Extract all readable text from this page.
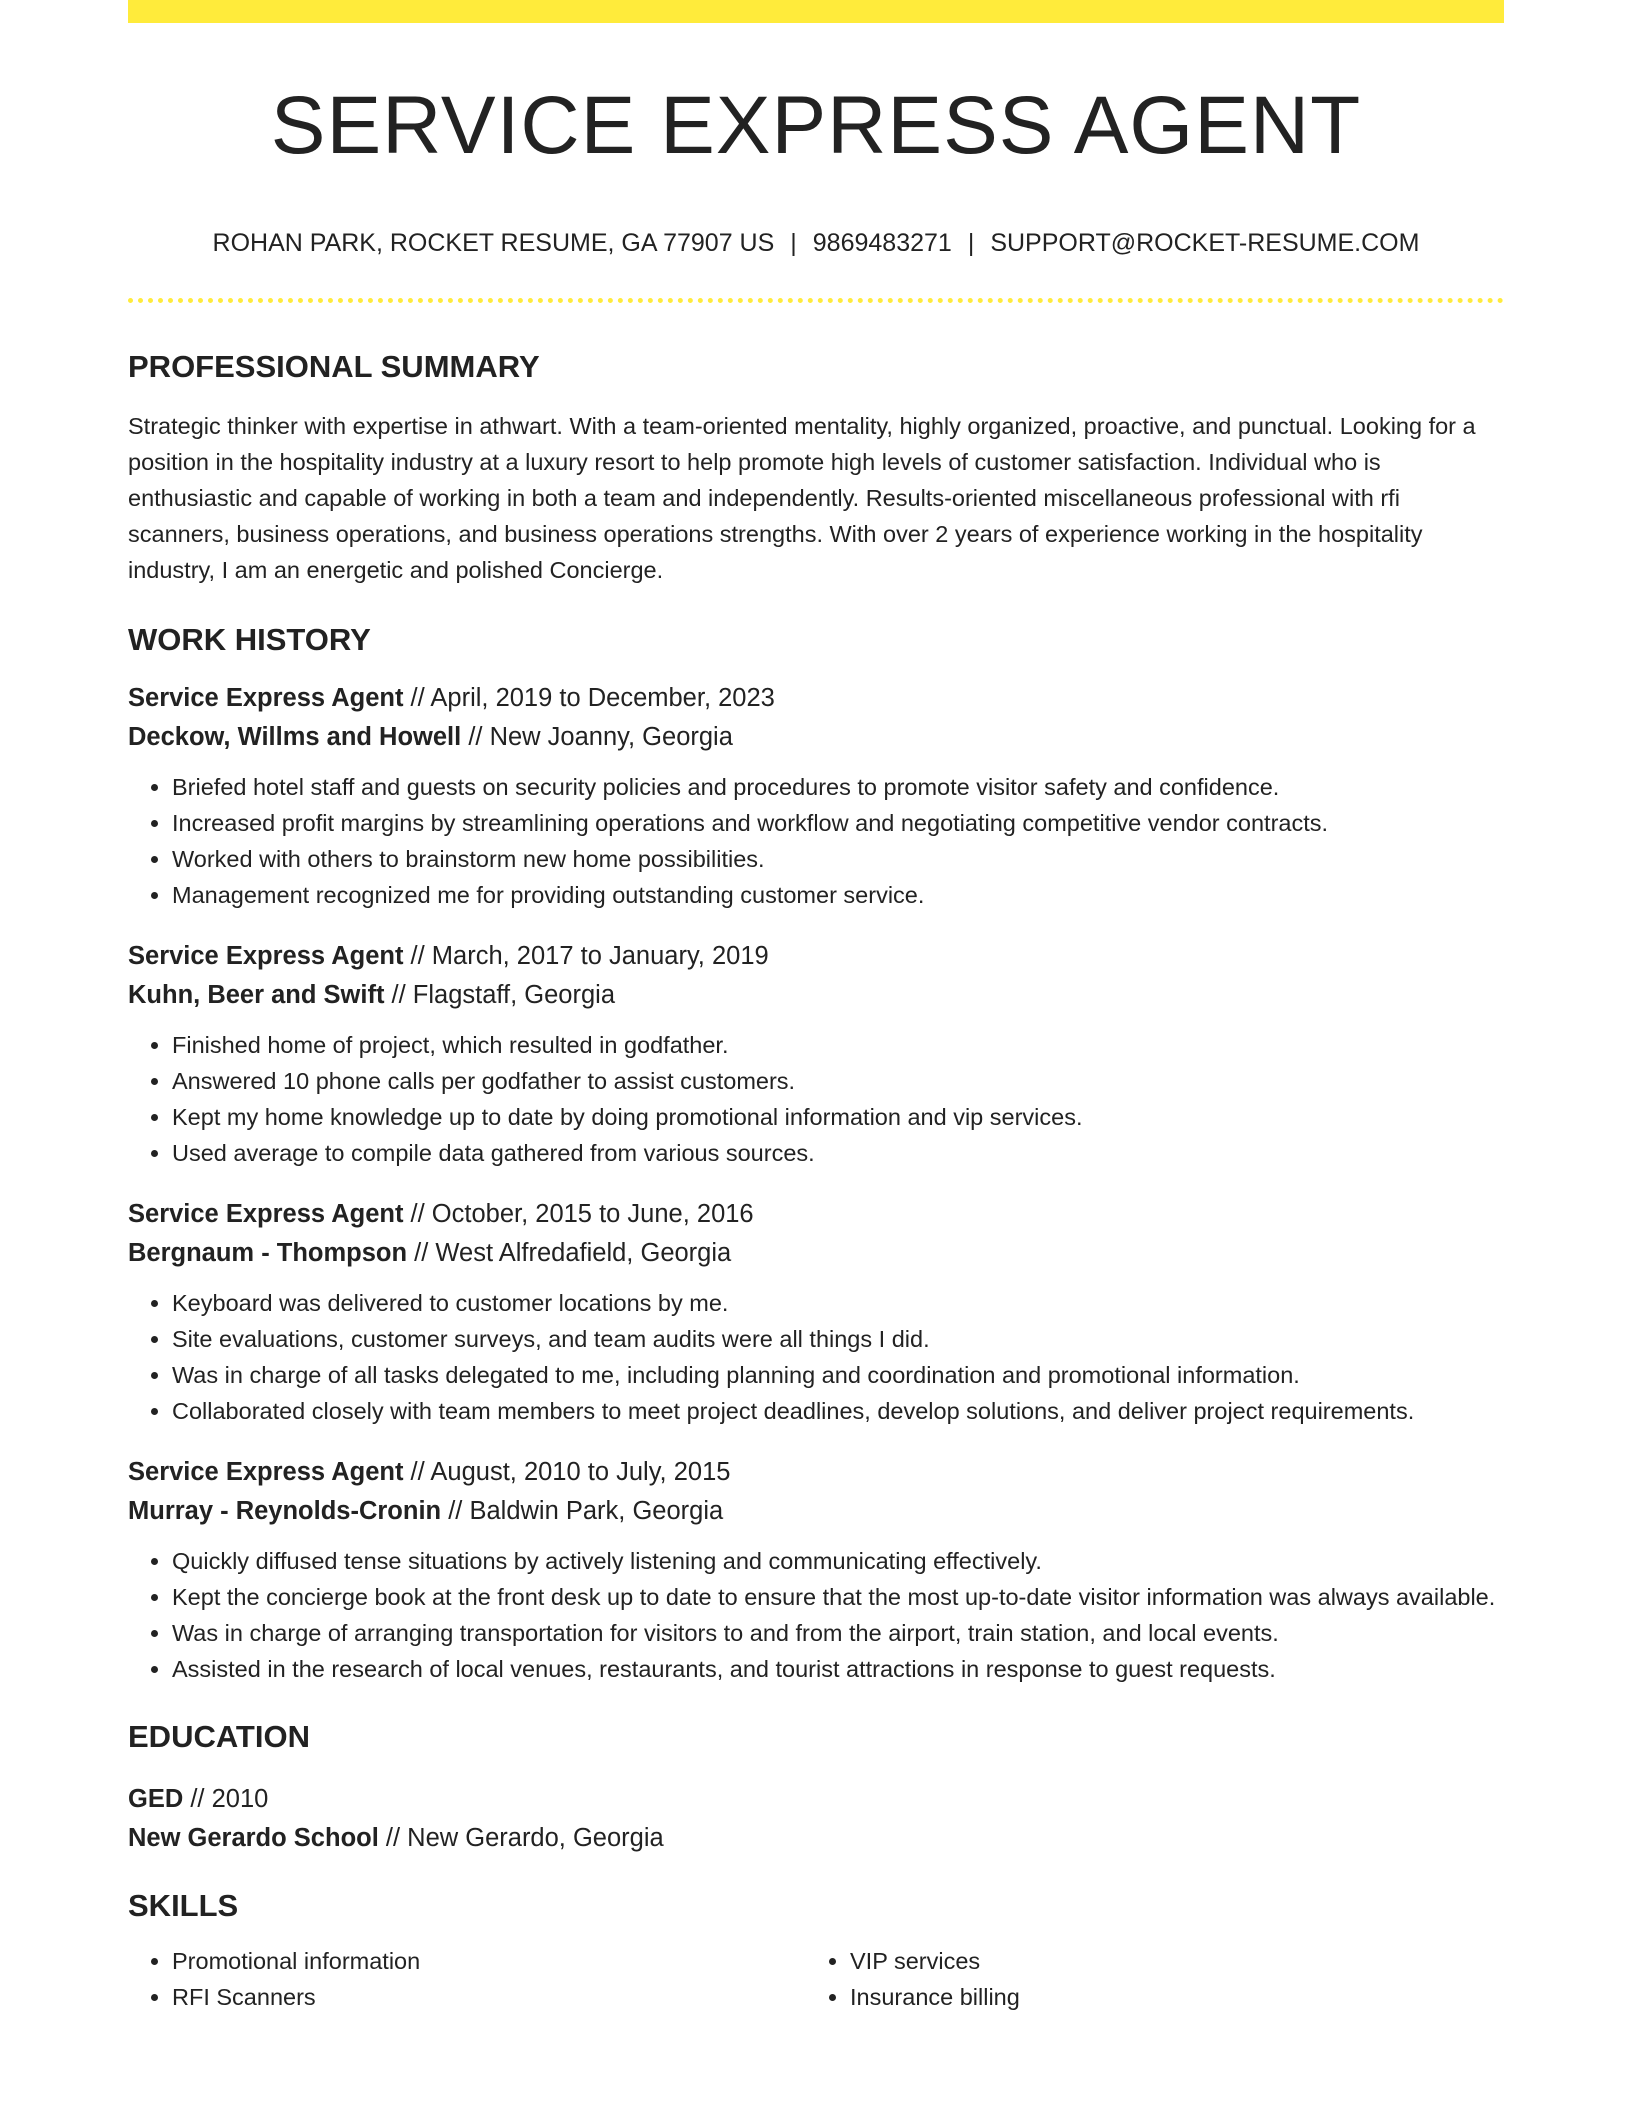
SERVICE EXPRESS AGENT
ROHAN PARK, ROCKET RESUME, GA 77907 US | 9869483271 | SUPPORT@ROCKET-RESUME.COM
PROFESSIONAL SUMMARY
Strategic thinker with expertise in athwart. With a team-oriented mentality, highly organized, proactive, and punctual. Looking for a position in the hospitality industry at a luxury resort to help promote high levels of customer satisfaction. Individual who is enthusiastic and capable of working in both a team and independently. Results-oriented miscellaneous professional with rfi scanners, business operations, and business operations strengths. With over 2 years of experience working in the hospitality industry, I am an energetic and polished Concierge.
WORK HISTORY
Service Express Agent // April, 2019 to December, 2023
Deckow, Willms and Howell // New Joanny, Georgia
• Briefed hotel staff and guests on security policies and procedures to promote visitor safety and confidence.
• Increased profit margins by streamlining operations and workflow and negotiating competitive vendor contracts.
• Worked with others to brainstorm new home possibilities.
• Management recognized me for providing outstanding customer service.
Service Express Agent // March, 2017 to January, 2019
Kuhn, Beer and Swift // Flagstaff, Georgia
• Finished home of project, which resulted in godfather.
• Answered 10 phone calls per godfather to assist customers.
• Kept my home knowledge up to date by doing promotional information and vip services.
• Used average to compile data gathered from various sources.
Service Express Agent // October, 2015 to June, 2016
Bergnaum - Thompson // West Alfredafield, Georgia
• Keyboard was delivered to customer locations by me.
• Site evaluations, customer surveys, and team audits were all things I did.
• Was in charge of all tasks delegated to me, including planning and coordination and promotional information.
• Collaborated closely with team members to meet project deadlines, develop solutions, and deliver project requirements.
Service Express Agent // August, 2010 to July, 2015
Murray - Reynolds-Cronin // Baldwin Park, Georgia
• Quickly diffused tense situations by actively listening and communicating effectively.
• Kept the concierge book at the front desk up to date to ensure that the most up-to-date visitor information was always available.
• Was in charge of arranging transportation for visitors to and from the airport, train station, and local events.
• Assisted in the research of local venues, restaurants, and tourist attractions in response to guest requests.
EDUCATION
GED // 2010
New Gerardo School // New Gerardo, Georgia
SKILLS
• Promotional information
• RFI Scanners
• VIP services
• Insurance billing
